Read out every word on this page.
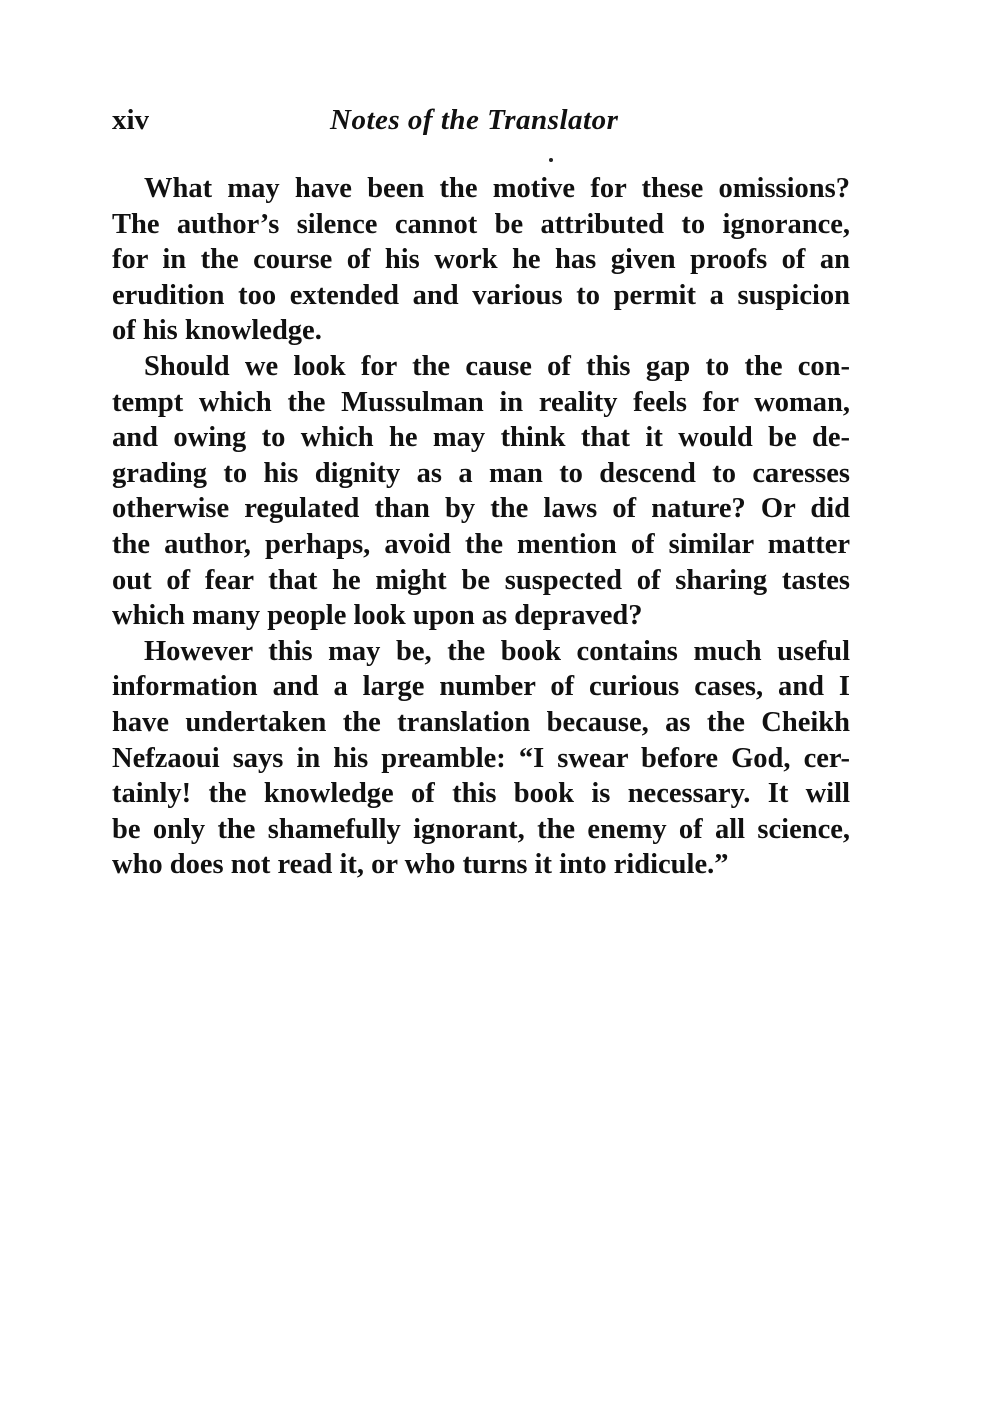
xiv	Notes of the Translator
What may have been the motive for these omissions?
The author’s silence cannot be attributed to ignorance,
for in the course of his work he has given proofs of an
erudition too extended and various to permit a suspicion
of his knowledge.
Should we look for the cause of this gap to the con-
tempt which the Mussulman in reality feels for woman,
and owing to which he may think that it would be de-
grading to his dignity as a man to descend to caresses
otherwise regulated than by the laws of nature? Or did
the author, perhaps, avoid the mention of similar matter
out of fear that he might be suspected of sharing tastes
which many people look upon as depraved?
However this may be, the book contains much useful
information and a large number of curious cases, and I
have undertaken the translation because, as the Cheikh
Nefzaoui says in his preamble: “I swear before God, cer-
tainly! the knowledge of this book is necessary. It will
be only the shamefully ignorant, the enemy of all science,
who does not read it, or who turns it into ridicule.”
